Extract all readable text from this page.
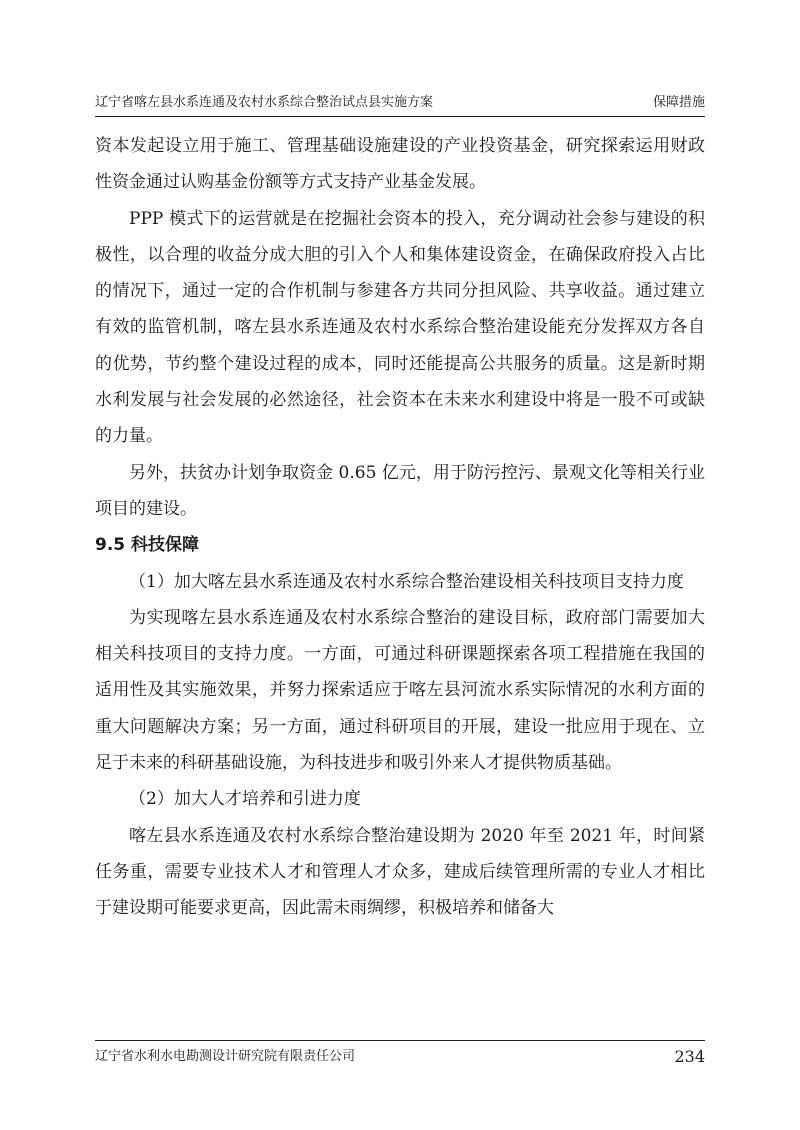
辽宁省喀左县水系连通及农村水系综合整治试点县实施方案	保障措施

资本发起设立用于施工、管理基础设施建设的产业投资基金，研究探索运用财政性资金通过认购基金份额等方式支持产业基金发展。

PPP 模式下的运营就是在挖掘社会资本的投入，充分调动社会参与建设的积极性，以合理的收益分成大胆的引入个人和集体建设资金，在确保政府投入占比的情况下，通过一定的合作机制与参建各方共同分担风险、共享收益。通过建立有效的监管机制，喀左县水系连通及农村水系综合整治建设能充分发挥双方各自的优势，节约整个建设过程的成本，同时还能提高公共服务的质量。这是新时期水利发展与社会发展的必然途径，社会资本在未来水利建设中将是一股不可或缺的力量。

另外，扶贫办计划争取资金 0.65 亿元，用于防污控污、景观文化等相关行业项目的建设。

9.5 科技保障

（1）加大喀左县水系连通及农村水系综合整治建设相关科技项目支持力度

为实现喀左县水系连通及农村水系综合整治的建设目标，政府部门需要加大相关科技项目的支持力度。一方面，可通过科研课题探索各项工程措施在我国的适用性及其实施效果，并努力探索适应于喀左县河流水系实际情况的水利方面的重大问题解决方案；另一方面，通过科研项目的开展，建设一批应用于现在、立足于未来的科研基础设施，为科技进步和吸引外来人才提供物质基础。

（2）加大人才培养和引进力度

喀左县水系连通及农村水系综合整治建设期为 2020 年至 2021 年，时间紧任务重，需要专业技术人才和管理人才众多，建成后续管理所需的专业人才相比于建设期可能要求更高，因此需未雨绸缪，积极培养和储备大

辽宁省水利水电勘测设计研究院有限责任公司	234
